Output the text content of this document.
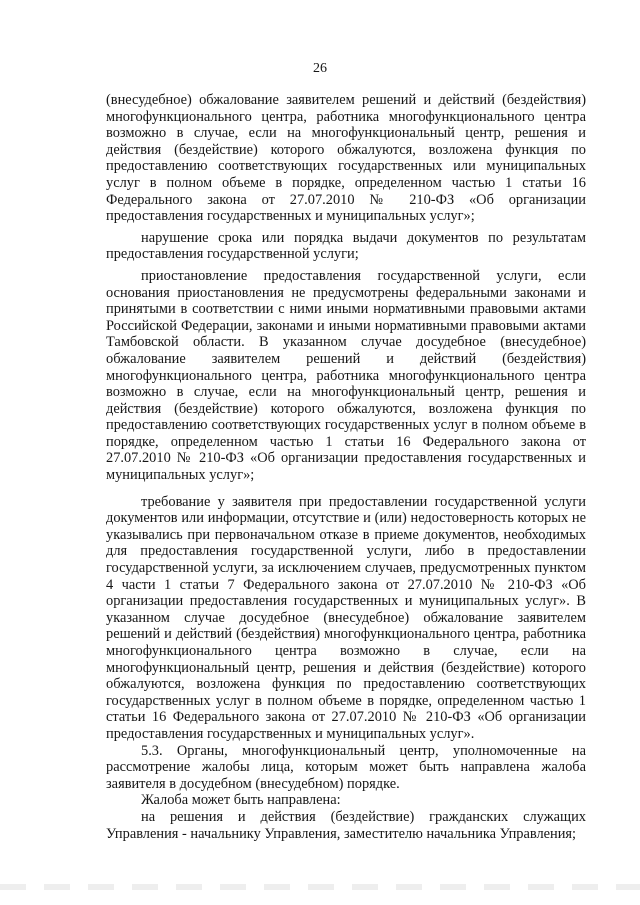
26

(внесудебное) обжалование заявителем решений и действий (бездействия) многофункционального центра, работника многофункционального центра возможно в случае, если на многофункциональный центр, решения и действия (бездействие) которого обжалуются, возложена функция по предоставлению соответствующих государственных или муниципальных услуг в полном объеме в порядке, определенном частью 1 статьи 16 Федерального закона от 27.07.2010 № 210-ФЗ «Об организации предоставления государственных и муниципальных услуг»;

нарушение срока или порядка выдачи документов по результатам предоставления государственной услуги;

приостановление предоставления государственной услуги, если основания приостановления не предусмотрены федеральными законами и принятыми в соответствии с ними иными нормативными правовыми актами Российской Федерации, законами и иными нормативными правовыми актами Тамбовской области. В указанном случае досудебное (внесудебное) обжалование заявителем решений и действий (бездействия) многофункционального центра, работника многофункционального центра возможно в случае, если на многофункциональный центр, решения и действия (бездействие) которого обжалуются, возложена функция по предоставлению соответствующих государственных услуг в полном объеме в порядке, определенном частью 1 статьи 16 Федерального закона от 27.07.2010 № 210-ФЗ «Об организации предоставления государственных и муниципальных услуг»;

требование у заявителя при предоставлении государственной услуги документов или информации, отсутствие и (или) недостоверность которых не указывались при первоначальном отказе в приеме документов, необходимых для предоставления государственной услуги, либо в предоставлении государственной услуги, за исключением случаев, предусмотренных пунктом 4 части 1 статьи 7 Федерального закона от 27.07.2010 № 210-ФЗ «Об организации предоставления государственных и муниципальных услуг». В указанном случае досудебное (внесудебное) обжалование заявителем решений и действий (бездействия) многофункционального центра, работника многофункционального центра возможно в случае, если на многофункциональный центр, решения и действия (бездействие) которого обжалуются, возложена функция по предоставлению соответствующих государственных услуг в полном объеме в порядке, определенном частью 1 статьи 16 Федерального закона от 27.07.2010 № 210-ФЗ «Об организации предоставления государственных и муниципальных услуг».

5.3. Органы, многофункциональный центр, уполномоченные на рассмотрение жалобы лица, которым может быть направлена жалоба заявителя в досудебном (внесудебном) порядке.

Жалоба может быть направлена:

на решения и действия (бездействие) гражданских служащих Управления - начальнику Управления, заместителю начальника Управления;
